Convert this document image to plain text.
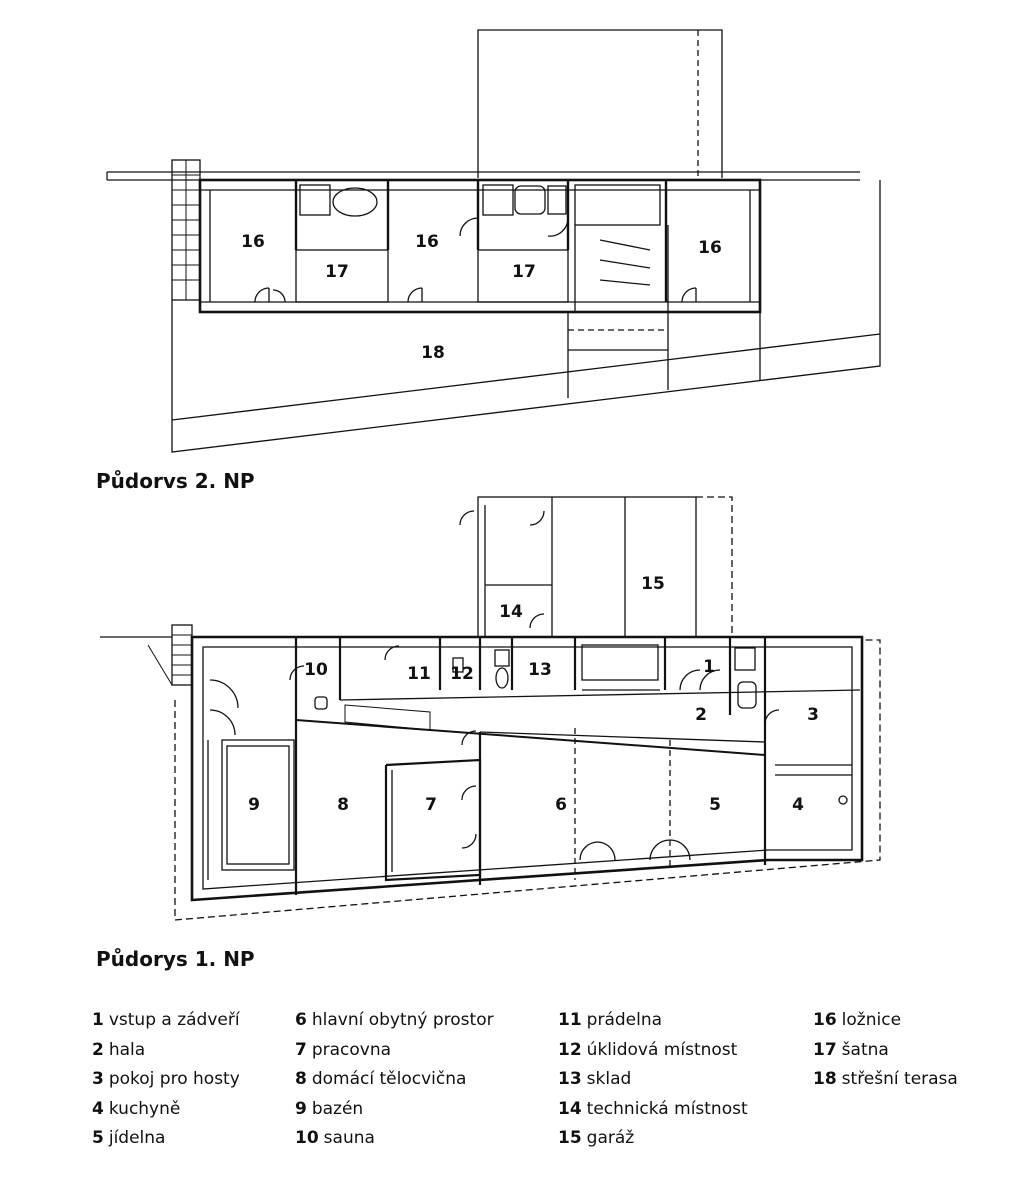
16
17
16
17
16
18
1
2	3
4
5
6
7
8
9
10	11 12	13
14
15

Půdorvs 2. NP

Půdorys 1. NP

1 vstup a zádveří
2 hala
3 pokoj pro hosty
4 kuchyně
5 jídelna
6 hlavní obytný prostor
7 pracovna
8 domácí tělocvična
9 bazén
10 sauna
11 prádelna
12 úklidová místnost
13 sklad
14 technická místnost
15 garáž
16 ložnice
17 šatna
18 střešní terasa
